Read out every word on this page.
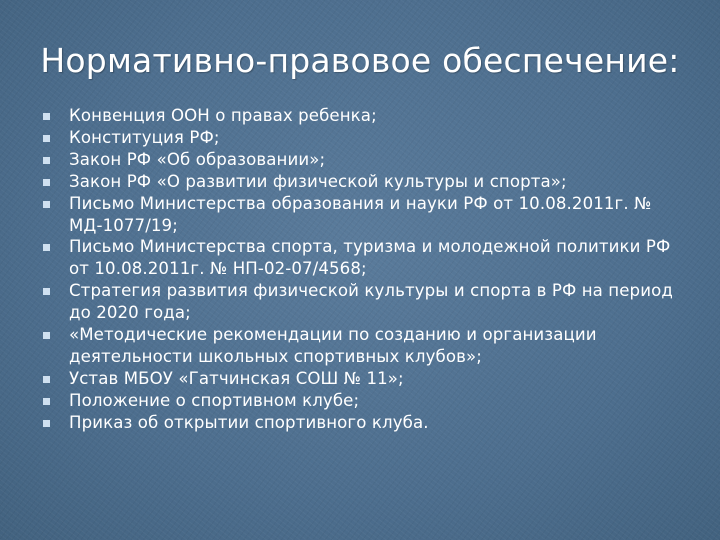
Нормативно-правовое обеспечение:
Конвенция ООН о правах ребенка;
Конституция РФ;
Закон РФ «Об образовании»;
Закон РФ «О развитии физической культуры и спорта»;
Письмо Министерства образования и науки РФ от 10.08.2011г. № МД-1077/19;
Письмо Министерства спорта, туризма и молодежной политики РФ от 10.08.2011г. № НП-02-07/4568;
Стратегия развития физической культуры и спорта в РФ на период до 2020 года;
«Методические рекомендации по созданию и организации деятельности школьных спортивных клубов»;
Устав МБОУ «Гатчинская СОШ № 11»;
Положение о спортивном клубе;
Приказ об открытии спортивного клуба.
